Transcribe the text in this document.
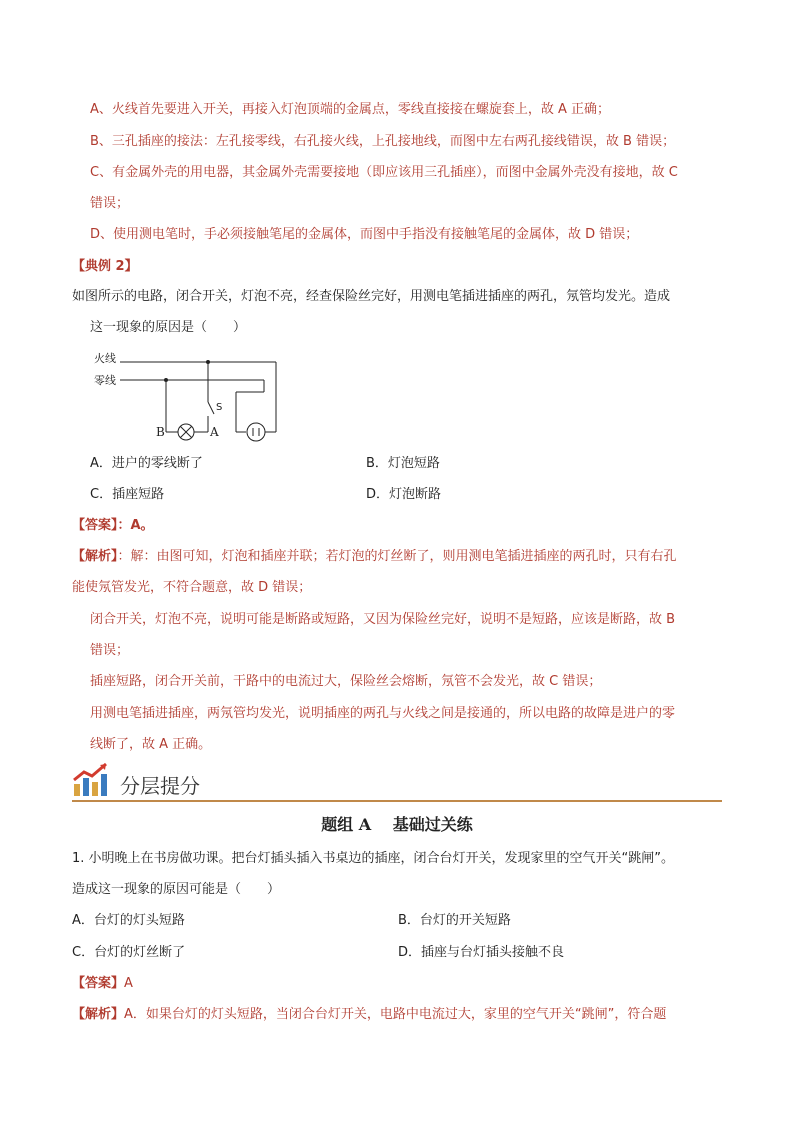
A、火线首先要进入开关，再接入灯泡顶端的金属点，零线直接接在螺旋套上，故 A 正确；
B、三孔插座的接法：左孔接零线，右孔接火线，上孔接地线，而图中左右两孔接线错误，故 B 错误；
C、有金属外壳的用电器，其金属外壳需要接地（即应该用三孔插座），而图中金属外壳没有接地，故 C
错误；
D、使用测电笔时，手必须接触笔尾的金属体，而图中手指没有接触笔尾的金属体，故 D 错误；
【典例 2】
如图所示的电路，闭合开关，灯泡不亮，经查保险丝完好，用测电笔插进插座的两孔，氖管均发光。造成
这一现象的原因是（　　）
火线
零线
S
B	A
A．进户的零线断了	B．灯泡短路
C．插座短路	D．灯泡断路
【答案】：A。
【解析】：解：由图可知，灯泡和插座并联；若灯泡的灯丝断了，则用测电笔插进插座的两孔时，只有右孔
能使氖管发光，不符合题意，故 D 错误；
闭合开关，灯泡不亮，说明可能是断路或短路，又因为保险丝完好，说明不是短路，应该是断路，故 B
错误；
插座短路，闭合开关前，干路中的电流过大，保险丝会熔断，氖管不会发光，故 C 错误；
用测电笔插进插座，两氖管均发光，说明插座的两孔与火线之间是接通的，所以电路的故障是进户的零
线断了，故 A 正确。
分层提分
题组 A　 基础过关练
1. 小明晚上在书房做功课。把台灯插头插入书桌边的插座，闭合台灯开关，发现家里的空气开关“跳闸”。
造成这一现象的原因可能是（　　）
A．台灯的灯头短路	B．台灯的开关短路
C．台灯的灯丝断了	D．插座与台灯插头接触不良
【答案】A
【解析】A．如果台灯的灯头短路，当闭合台灯开关，电路中电流过大，家里的空气开关“跳闸”，符合题
